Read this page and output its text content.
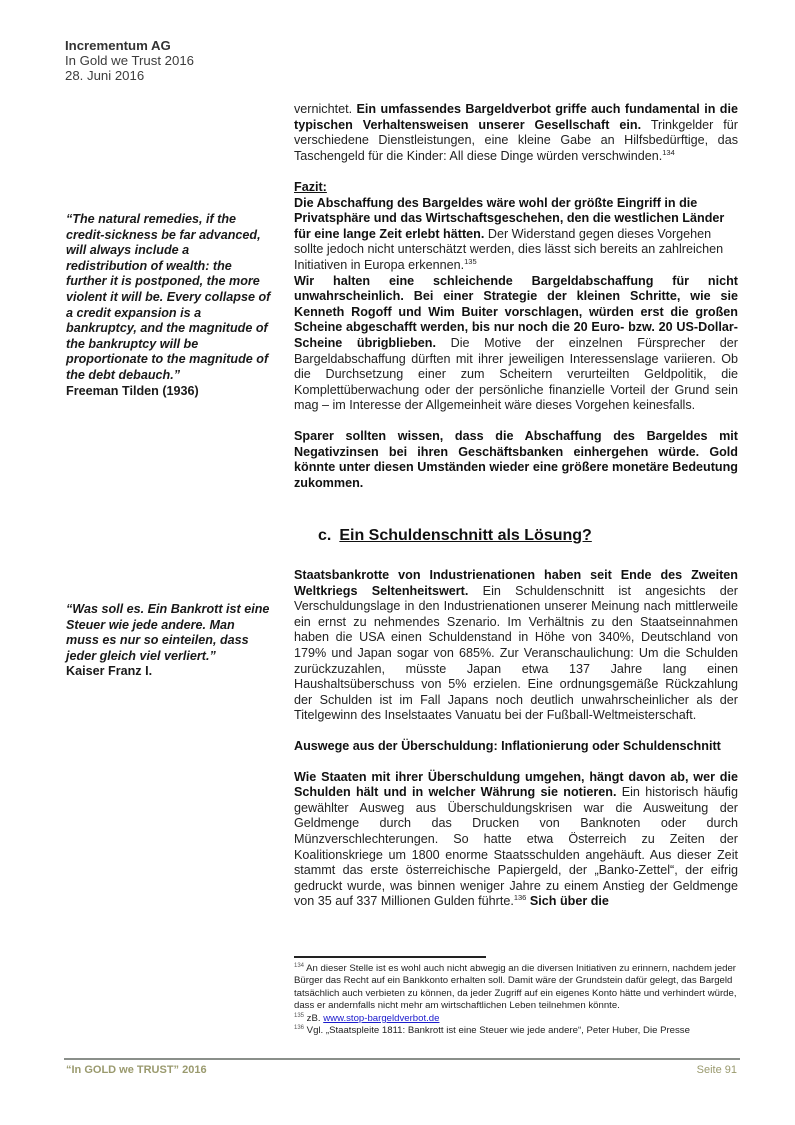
Incrementum AG
In Gold we Trust 2016
28. Juni 2016
“The natural remedies, if the credit-sickness be far advanced, will always include a redistribution of wealth: the further it is postponed, the more violent it will be. Every collapse of a credit expansion is a bankruptcy, and the magnitude of the bankruptcy will be proportionate to the magnitude of the debt debauch.”
Freeman Tilden (1936)
“Was soll es. Ein Bankrott ist eine Steuer wie jede andere. Man muss es nur so einteilen, dass jeder gleich viel verliert.”
Kaiser Franz I.

vernichtet. Ein umfassendes Bargeldverbot griffe auch fundamental in die typischen Verhaltensweisen unserer Gesellschaft ein. Trinkgelder für verschiedene Dienstleistungen, eine kleine Gabe an Hilfsbedürftige, das Taschengeld für die Kinder: All diese Dinge würden verschwinden.$^{134}$

Fazit:

Die Abschaffung des Bargeldes wäre wohl der größte Eingriff in die Privatsphäre und das Wirtschaftsgeschehen, den die westlichen Länder für eine lange Zeit erlebt hätten. Der Widerstand gegen dieses Vorgehen sollte jedoch nicht unterschätzt werden, dies lässt sich bereits an zahlreichen Initiativen in Europa erkennen.$^{135}$

Wir halten eine schleichende Bargeldabschaffung für nicht unwahrscheinlich. Bei einer Strategie der kleinen Schritte, wie sie Kenneth Rogoff und Wim Buiter vorschlagen, würden erst die großen Scheine abgeschafft werden, bis nur noch die 20 Euro- bzw. 20 US-Dollar-Scheine übrigblieben. Die Motive der einzelnen Fürsprecher der Bargeldabschaffung dürften mit ihrer jeweiligen Interessenslage variieren. Ob die Durchsetzung einer zum Scheitern verurteilten Geldpolitik, die Komplettüberwachung oder der persönliche finanzielle Vorteil der Grund sein mag – im Interesse der Allgemeinheit wäre dieses Vorgehen keinesfalls.

Sparer sollten wissen, dass die Abschaffung des Bargeldes mit Negativzinsen bei ihren Geschäftsbanken einhergehen würde. Gold könnte unter diesen Umständen wieder eine größere monetäre Bedeutung zukommen.

c. Ein Schuldenschnitt als Lösung?

Staatsbankrotte von Industrienationen haben seit Ende des Zweiten Weltkriegs Seltenheitswert. Ein Schuldenschnitt ist angesichts der Verschuldungslage in den Industrienationen unserer Meinung nach mittlerweile ein ernst zu nehmendes Szenario. Im Verhältnis zu den Staatseinnahmen haben die USA einen Schuldenstand in Höhe von 340%, Deutschland von 179% und Japan sogar von 685%. Zur Veranschaulichung: Um die Schulden zurückzuzahlen, müsste Japan etwa 137 Jahre lang einen Haushaltsüberschuss von 5% erzielen. Eine ordnungsgemäße Rückzahlung der Schulden ist im Fall Japans noch deutlich unwahrscheinlicher als der Titelgewinn des Inselstaates Vanuatu bei der Fußball-Weltmeisterschaft.

Auswege aus der Überschuldung: Inflationierung oder Schuldenschnitt

Wie Staaten mit ihrer Überschuldung umgehen, hängt davon ab, wer die Schulden hält und in welcher Währung sie notieren. Ein historisch häufig gewählter Ausweg aus Überschuldungskrisen war die Ausweitung der Geldmenge durch das Drucken von Banknoten oder durch Münzverschlechterungen. So hatte etwa Österreich zu Zeiten der Koalitionskriege um 1800 enorme Staatsschulden angehäuft. Aus dieser Zeit stammt das erste österreichische Papiergeld, der „Banko-Zettel“, der eifrig gedruckt wurde, was binnen weniger Jahre zu einem Anstieg der Geldmenge von 35 auf 337 Millionen Gulden führte.$^{136}$ Sich über die

$^{134}$ An dieser Stelle ist es wohl auch nicht abwegig an die diversen Initiativen zu erinnern, nachdem jeder Bürger das Recht auf ein Bankkonto erhalten soll. Damit wäre der Grundstein dafür gelegt, das Bargeld tatsächlich auch verbieten zu können, da jeder Zugriff auf ein eigenes Konto hätte und verhindert würde, dass er andernfalls nicht mehr am wirtschaftlichen Leben teilnehmen könnte.
$^{135}$ zB. www.stop-bargeldverbot.de
$^{136}$ Vgl. „Staatspleite 1811: Bankrott ist eine Steuer wie jede andere“, Peter Huber, Die Presse
“In GOLD we TRUST” 2016	Seite 91
